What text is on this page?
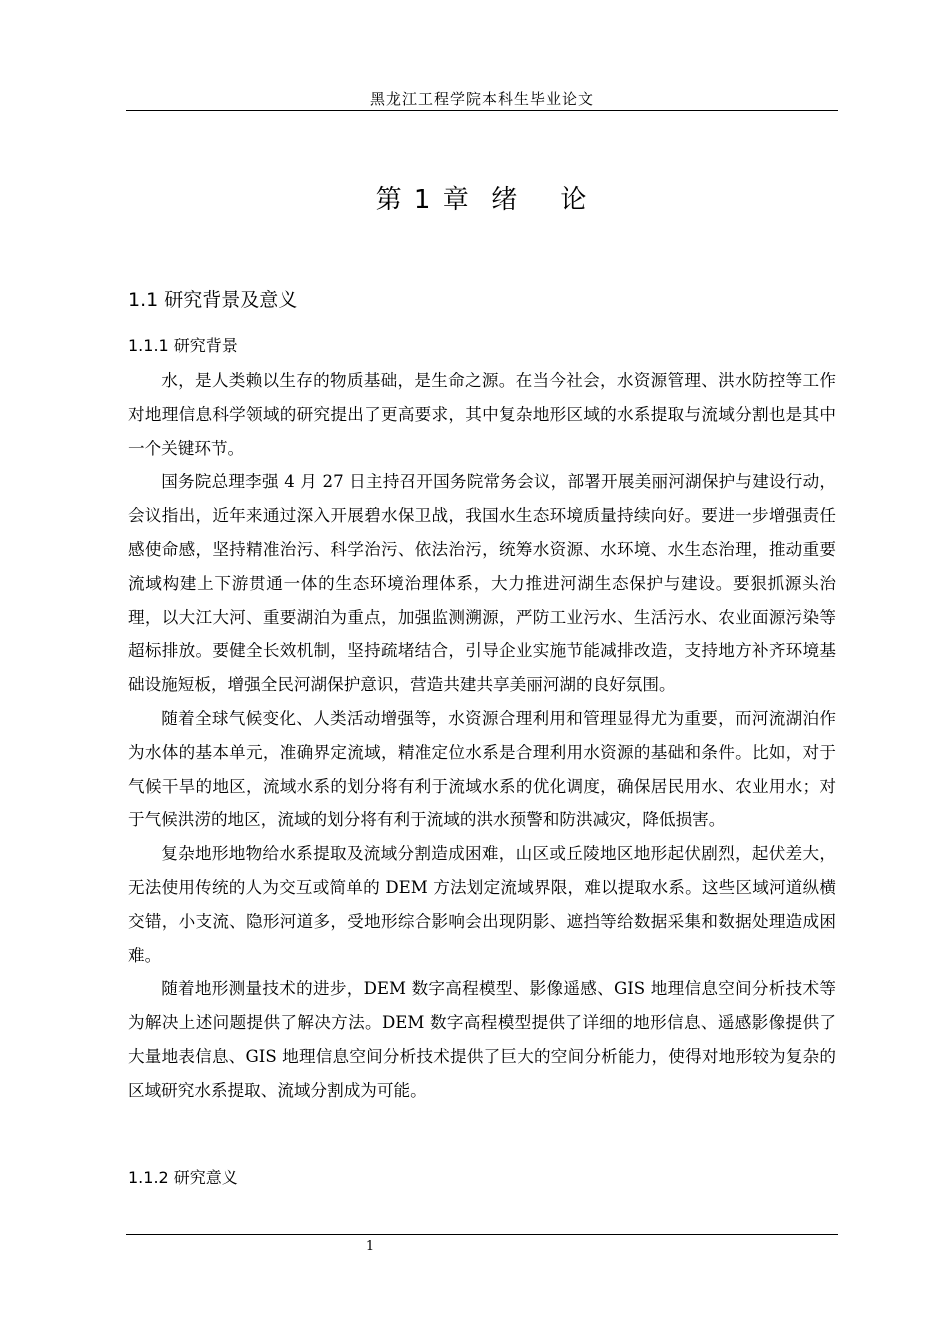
黑龙江工程学院本科生毕业论文
第 1 章  绪    论
1.1 研究背景及意义
1.1.1 研究背景

水，是人类赖以生存的物质基础，是生命之源。在当今社会，水资源管理、洪水防控等工作对地理信息科学领域的研究提出了更高要求，其中复杂地形区域的水系提取与流域分割也是其中一个关键环节。

国务院总理李强 4 月 27 日主持召开国务院常务会议，部署开展美丽河湖保护与建设行动，会议指出，近年来通过深入开展碧水保卫战，我国水生态环境质量持续向好。要进一步增强责任感使命感，坚持精准治污、科学治污、依法治污，统筹水资源、水环境、水生态治理，推动重要流域构建上下游贯通一体的生态环境治理体系，大力推进河湖生态保护与建设。要狠抓源头治理，以大江大河、重要湖泊为重点，加强监测溯源，严防工业污水、生活污水、农业面源污染等超标排放。要健全长效机制，坚持疏堵结合，引导企业实施节能减排改造，支持地方补齐环境基础设施短板，增强全民河湖保护意识，营造共建共享美丽河湖的良好氛围。

随着全球气候变化、人类活动增强等，水资源合理利用和管理显得尤为重要，而河流湖泊作为水体的基本单元，准确界定流域，精准定位水系是合理利用水资源的基础和条件。比如，对于气候干旱的地区，流域水系的划分将有利于流域水系的优化调度，确保居民用水、农业用水；对于气候洪涝的地区，流域的划分将有利于流域的洪水预警和防洪减灾，降低损害。

复杂地形地物给水系提取及流域分割造成困难，山区或丘陵地区地形起伏剧烈，起伏差大，无法使用传统的人为交互或简单的 DEM 方法划定流域界限，难以提取水系。这些区域河道纵横交错，小支流、隐形河道多，受地形综合影响会出现阴影、遮挡等给数据采集和数据处理造成困难。

随着地形测量技术的进步，DEM 数字高程模型、影像遥感、GIS 地理信息空间分析技术等为解决上述问题提供了解决方法。DEM 数字高程模型提供了详细的地形信息、遥感影像提供了大量地表信息、GIS 地理信息空间分析技术提供了巨大的空间分析能力，使得对地形较为复杂的区域研究水系提取、流域分割成为可能。

1.1.2 研究意义
1
